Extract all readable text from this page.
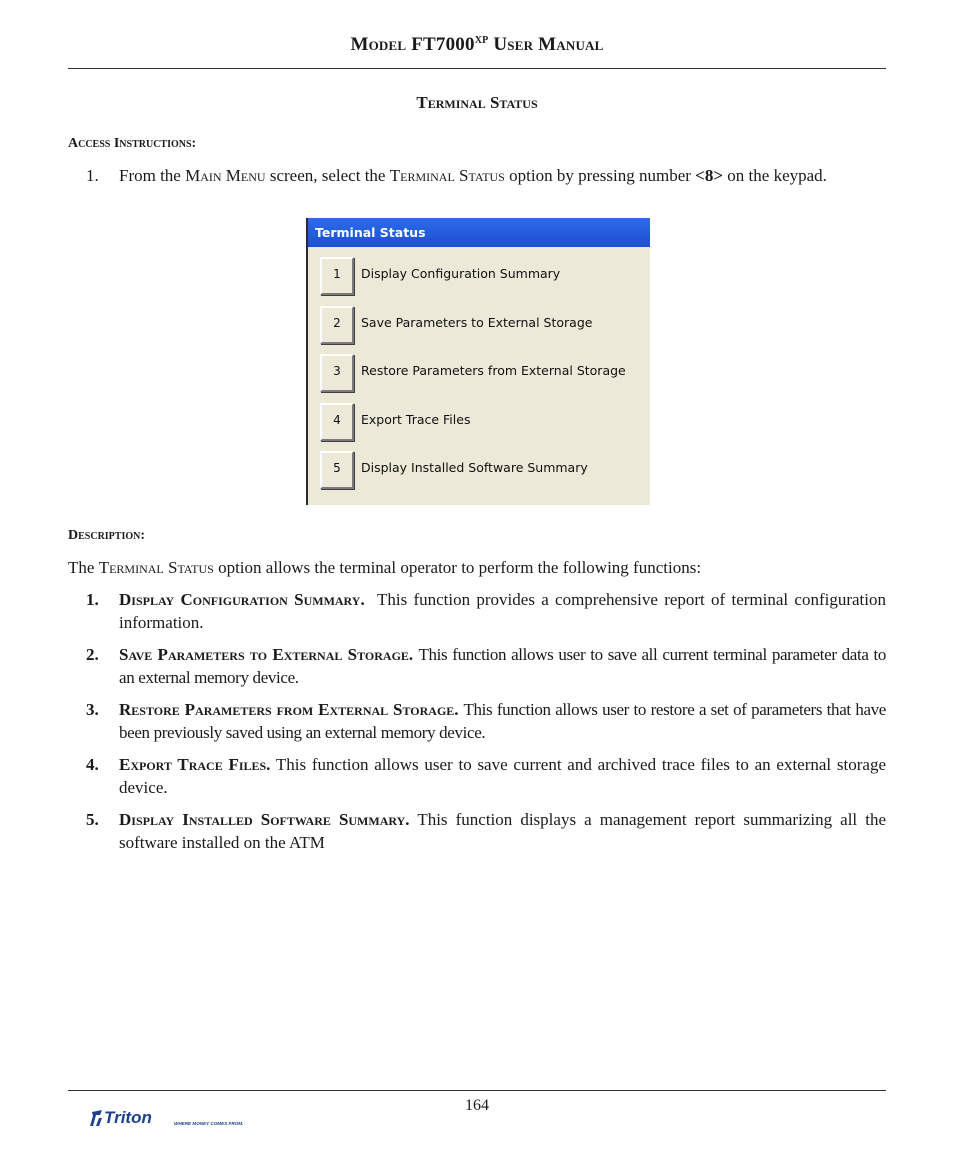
Model $FT7000^{XP}$ User Manual
Terminal Status
Access Instructions:
1. From the Main Menu screen, select the Terminal Status option by pressing number <8> on the keypad.
Terminal Status
1	Display Configuration Summary
2	Save Parameters to External Storage
3	Restore Parameters from External Storage
4	Export Trace Files
5	Display Installed Software Summary
Description:
The Terminal Status option allows the terminal operator to perform the following functions:
1. Display Configuration Summary. This function provides a comprehensive report of terminal configuration information.
2. Save Parameters to External Storage. This function allows user to save all current terminal parameter data to an external memory device.
3. Restore Parameters from External Storage. This function allows user to restore a set of parameters that have been previously saved using an external memory device.
4. Export Trace Files. This function allows user to save current and archived trace files to an external storage device.
5. Display Installed Software Summary. This function displays a management report summarizing all the software installed on the ATM
164
Triton	WHERE MONEY COMES FROM.
